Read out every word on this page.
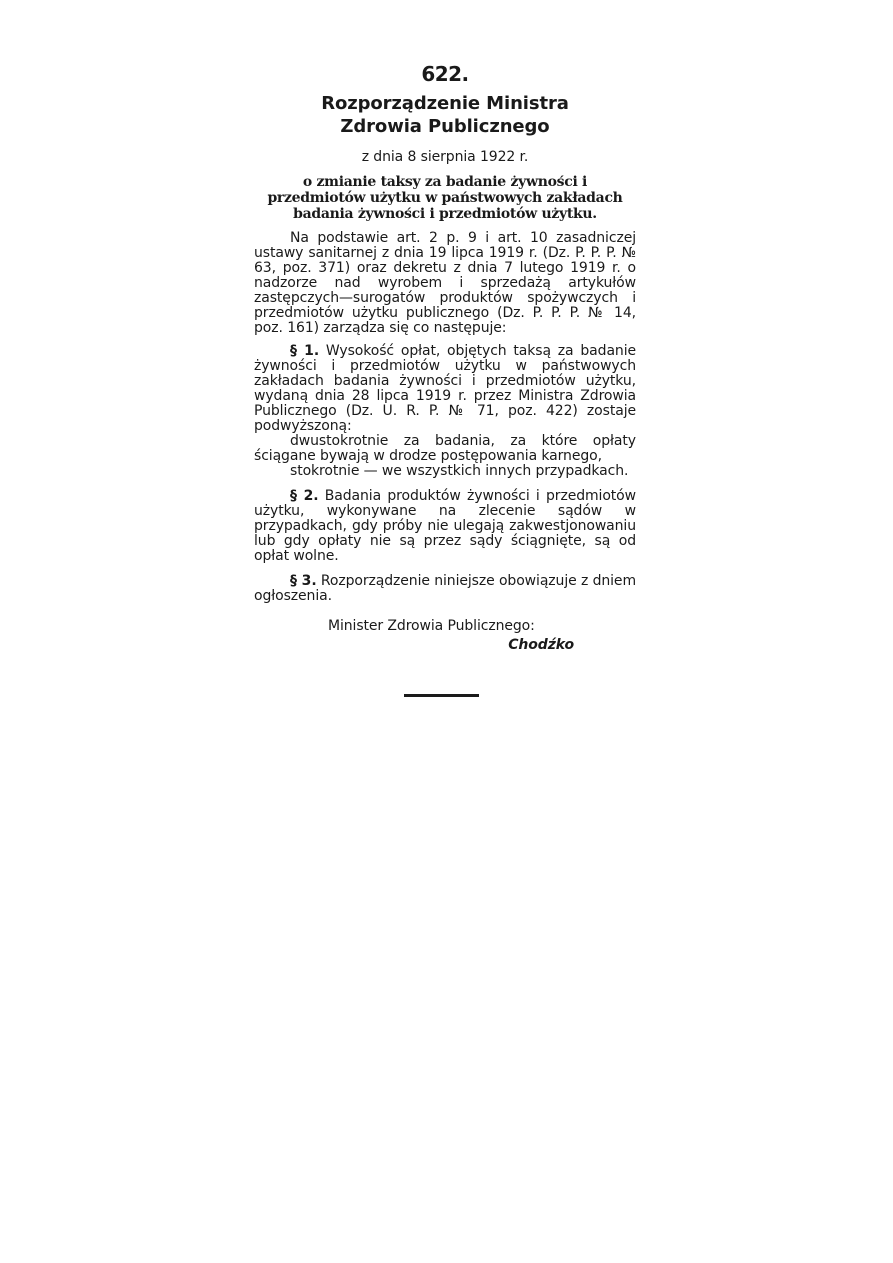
622.
Rozporządzenie Ministra Zdrowia Publicznego
z dnia 8 sierpnia 1922 r.
o zmianie taksy za badanie żywności i przedmiotów użytku w państwowych zakładach badania żywności i przedmiotów użytku.

Na podstawie art. 2 p. 9 i art. 10 zasadniczej ustawy sanitarnej z dnia 19 lipca 1919 r. (Dz. P. P. P. № 63, poz. 371) oraz dekretu z dnia 7 lutego 1919 r. o nadzorze nad wyrobem i sprzedażą artykułów zastępczych—surogatów produktów spożywczych i przedmiotów użytku publicznego (Dz. P. P. P. № 14, poz. 161) zarządza się co następuje:

§ 1. Wysokość opłat, objętych taksą za badanie żywności i przedmiotów użytku w państwowych zakładach badania żywności i przedmiotów użytku, wydaną dnia 28 lipca 1919 r. przez Ministra Zdrowia Publicznego (Dz. U. R. P. № 71, poz. 422) zostaje podwyższoną:

dwustokrotnie za badania, za które opłaty ściągane bywają w drodze postępowania karnego,

stokrotnie — we wszystkich innych przypadkach.

§ 2. Badania produktów żywności i przedmiotów użytku, wykonywane na zlecenie sądów w przypadkach, gdy próby nie ulegają zakwestjonowaniu lub gdy opłaty nie są przez sądy ściągnięte, są od opłat wolne.

§ 3. Rozporządzenie niniejsze obowiązuje z dniem ogłoszenia.

Minister Zdrowia Publicznego:
Chodźko
